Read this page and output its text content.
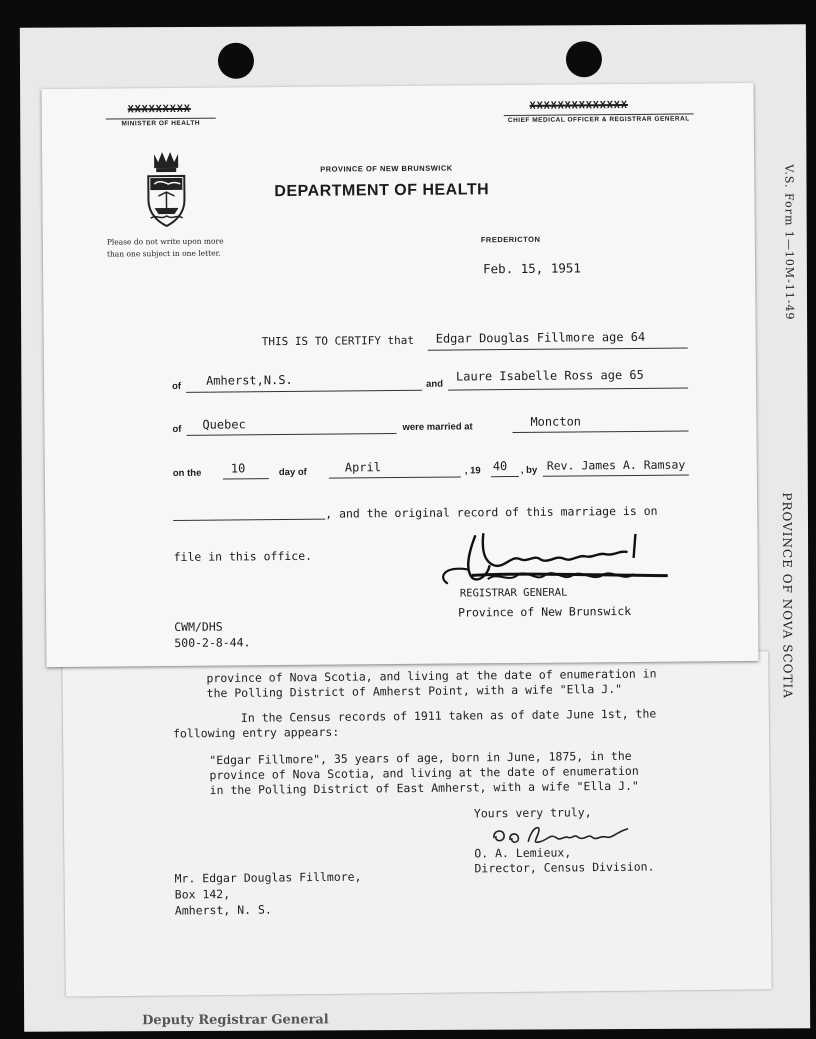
V.S. Form 1—10M-11-49
PROVINCE OF NOVA SCOTIA
Deputy Registrar General
province of Nova Scotia, and living at the date of enumeration in
the Polling District of Amherst Point, with a wife "Ella J."
In the Census records of 1911 taken as of date June 1st, the
following entry appears:
"Edgar Fillmore", 35 years of age, born in June, 1875, in the
province of Nova Scotia, and living at the date of enumeration
in the Polling District of East Amherst, with a wife "Ella J."
Yours very truly,
O. A. Lemieux,
Director, Census Division.
Mr. Edgar Douglas Fillmore,
Box 142,
Amherst, N. S.
XXXXXXXXX
MINISTER OF HEALTH
XXXXXXXXXXXXXX
CHIEF MEDICAL OFFICER & REGISTRAR GENERAL
PROVINCE OF NEW BRUNSWICK
DEPARTMENT OF HEALTH
Please do not write upon more
than one subject in one letter.
FREDERICTON
Feb. 15, 1951
THIS IS TO CERTIFY that Edgar Douglas Fillmore age 64
of Amherst,N.S.	and
Laure Isabelle Ross age 65
of Quebec	were married at	Moncton
on the 10	day of	April	, 19 40 , by Rev. James A. Ramsay
, and the original record of this marriage is on
file in this office.
REGISTRAR GENERAL
Province of New Brunswick
CWM/DHS
500-2-8-44.
